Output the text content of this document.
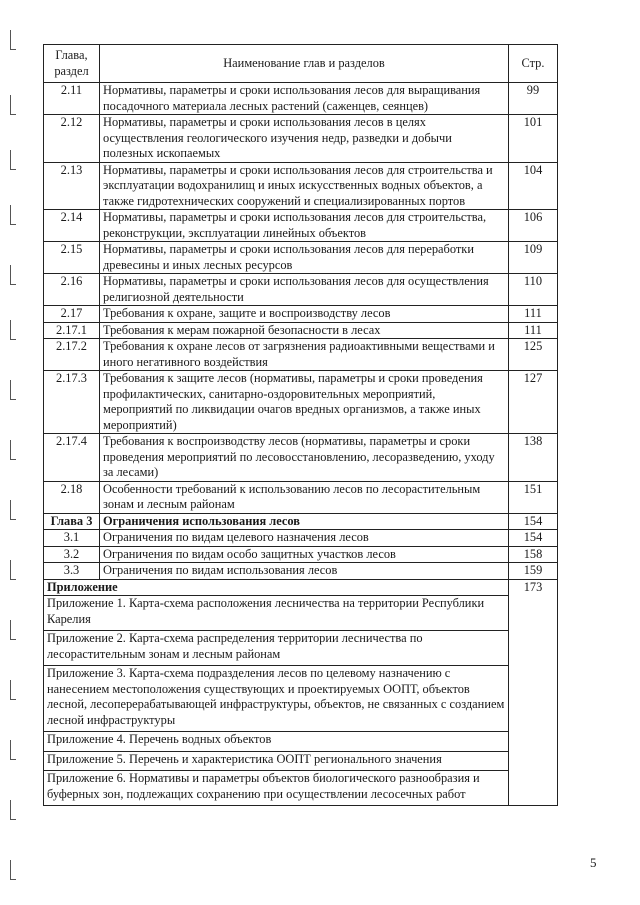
Глава, раздел	Наименование глав и разделов	Стр.
2.11	Нормативы, параметры и сроки использования лесов для выращивания посадочного материала лесных растений (саженцев, сеянцев)	99
2.12	Нормативы, параметры и сроки использования лесов в целях осуществления геологического изучения недр, разведки и добычи полезных ископаемых	101
2.13	Нормативы, параметры и сроки использования лесов для строительства и эксплуатации водохранилищ и иных искусственных водных объектов, а также гидротехнических сооружений и специализированных портов	104
2.14	Нормативы, параметры и сроки использования лесов для строительства, реконструкции, эксплуатации линейных объектов	106
2.15	Нормативы, параметры и сроки использования лесов для переработки древесины и иных лесных ресурсов	109
2.16	Нормативы, параметры и сроки использования лесов для осуществления религиозной деятельности	110
2.17	Требования к охране, защите и воспроизводству лесов	111
2.17.1	Требования к мерам пожарной безопасности в лесах	111
2.17.2	Требования к охране лесов от загрязнения радиоактивными веществами и иного негативного воздействия	125
2.17.3	Требования к защите лесов (нормативы, параметры и сроки проведения профилактических, санитарно-оздоровительных мероприятий, мероприятий по ликвидации очагов вредных организмов, а также иных мероприятий)	127
2.17.4	Требования к воспроизводству лесов (нормативы, параметры и сроки проведения мероприятий по лесовосстановлению, лесоразведению, уходу за лесами)	138
2.18	Особенности требований к использованию лесов по лесорастительным зонам и лесным районам	151
Глава 3	Ограничения использования лесов	154
3.1	Ограничения по видам целевого назначения лесов	154
3.2	Ограничения по видам особо защитных участков лесов	158
3.3	Ограничения по видам использования лесов	159
Приложение		173
Приложение 1. Карта-схема расположения лесничества на территории Республики Карелия		
Приложение 2. Карта-схема распределения территории лесничества по лесорастительным зонам и лесным районам		
Приложение 3. Карта-схема подразделения лесов по целевому назначению с нанесением местоположения существующих и проектируемых ООПТ, объектов лесной, лесоперерабатывающей инфраструктуры, объектов, не связанных с созданием лесной инфраструктуры		
Приложение 4. Перечень водных объектов		
Приложение 5. Перечень и характеристика ООПТ регионального значения		
Приложение 6. Нормативы и параметры объектов биологического разнообразия и буферных зон, подлежащих сохранению при осуществлении лесосечных работ		
5
